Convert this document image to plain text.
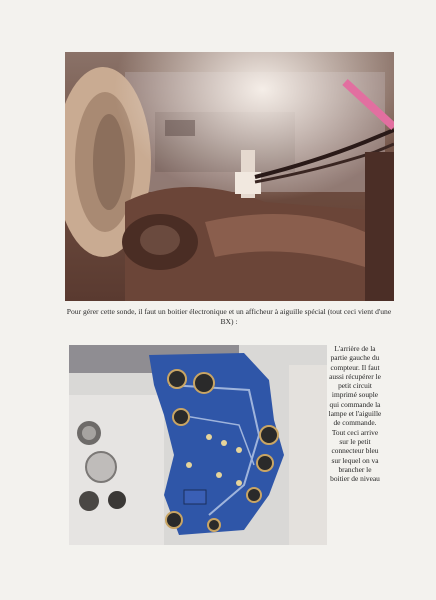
Pour gérer cette sonde, il faut un boitier électronique et un afficheur à aiguille spécial (tout ceci vient d'une BX) :
L'arrière de la partie gauche du compteur. Il faut aussi récupérer le petit circuit imprimé souple qui commande la lampe et l'aiguille de commande. Tout ceci arrive sur le petit connecteur bleu sur lequel on va brancher le boitier de niveau
